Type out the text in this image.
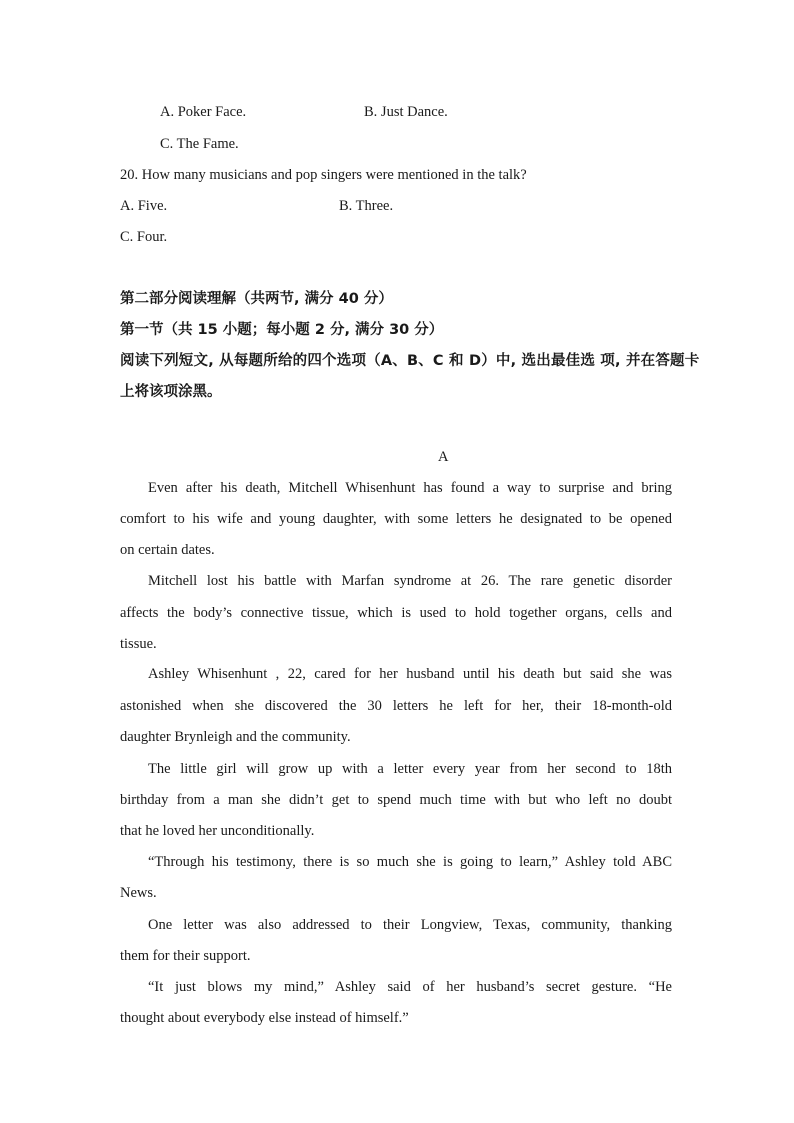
A. Poker Face.	B. Just Dance.
C. The Fame.
20. How many musicians and pop singers were mentioned in the talk?
A. Five.	B. Three.
C. Four.
第二部分阅读理解（共两节, 满分 40 分）
第一节（共 15 小题；每小题 2 分, 满分 30 分）
阅读下列短文, 从每题所给的四个选项（A、B、C 和 D）中, 选出最佳选 项, 并在答题卡
上将该项涂黑。
A
Even after his death, Mitchell Whisenhunt has found a way to surprise and bring
comfort to his wife and young daughter, with some letters he designated to be opened
on certain dates.
Mitchell lost his battle with Marfan syndrome at 26. The rare genetic disorder
affects the body’s connective tissue, which is used to hold together organs, cells and
tissue.
Ashley Whisenhunt , 22, cared for her husband until his death but said she was
astonished when she discovered the 30 letters he left for her, their 18-month-old
daughter Brynleigh and the community.
The little girl will grow up with a letter every year from her second to 18th
birthday from a man she didn’t get to spend much time with but who left no doubt
that he loved her unconditionally.
“Through his testimony, there is so much she is going to learn,” Ashley told ABC
News.
One letter was also addressed to their Longview, Texas, community, thanking
them for their support.
“It just blows my mind,” Ashley said of her husband’s secret gesture. “He
thought about everybody else instead of himself.”
